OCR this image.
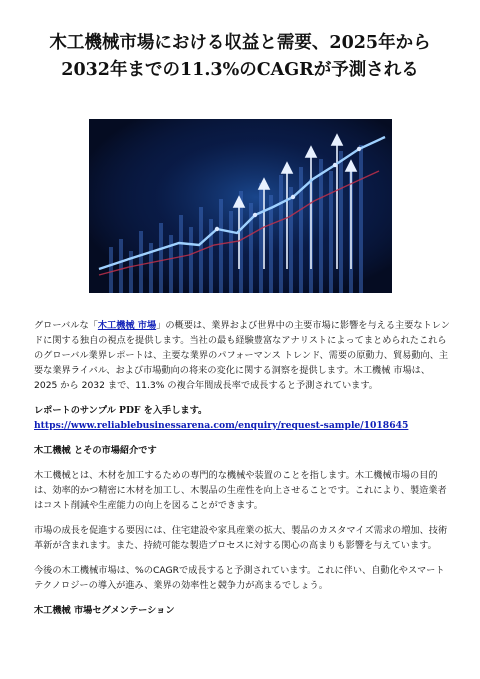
木工機械市場における収益と需要、2025年から
2032年までの11.3%のCAGRが予測される

グローバルな「木工機械 市場」の概要は、業界および世界中の主要市場に影響を与える主要なトレンドに関する独自の視点を提供します。当社の最も経験豊富なアナリストによってまとめられたこれらのグローバル業界レポートは、主要な業界のパフォーマンス トレンド、需要の原動力、貿易動向、主要な業界ライバル、および市場動向の将来の変化に関する洞察を提供します。木工機械 市場は、2025 から 2032 まで、11.3% の複合年間成長率で成長すると予測されています。

レポートのサンプル PDF を入手します。https://www.reliablebusinessarena.com/enquiry/request-sample/1018645

木工機械 とその市場紹介です

木工機械とは、木材を加工するための専門的な機械や装置のことを指します。木工機械市場の目的は、効率的かつ精密に木材を加工し、木製品の生産性を向上させることです。これにより、製造業者はコスト削減や生産能力の向上を図ることができます。

市場の成長を促進する要因には、住宅建設や家具産業の拡大、製品のカスタマイズ需求の増加、技術革新が含まれます。また、持続可能な製造プロセスに対する関心の高まりも影響を与えています。

今後の木工機械市場は、%のCAGRで成長すると予測されています。これに伴い、自動化やスマートテクノロジーの導入が進み、業界の効率性と競争力が高まるでしょう。

木工機械 市場セグメンテーション
